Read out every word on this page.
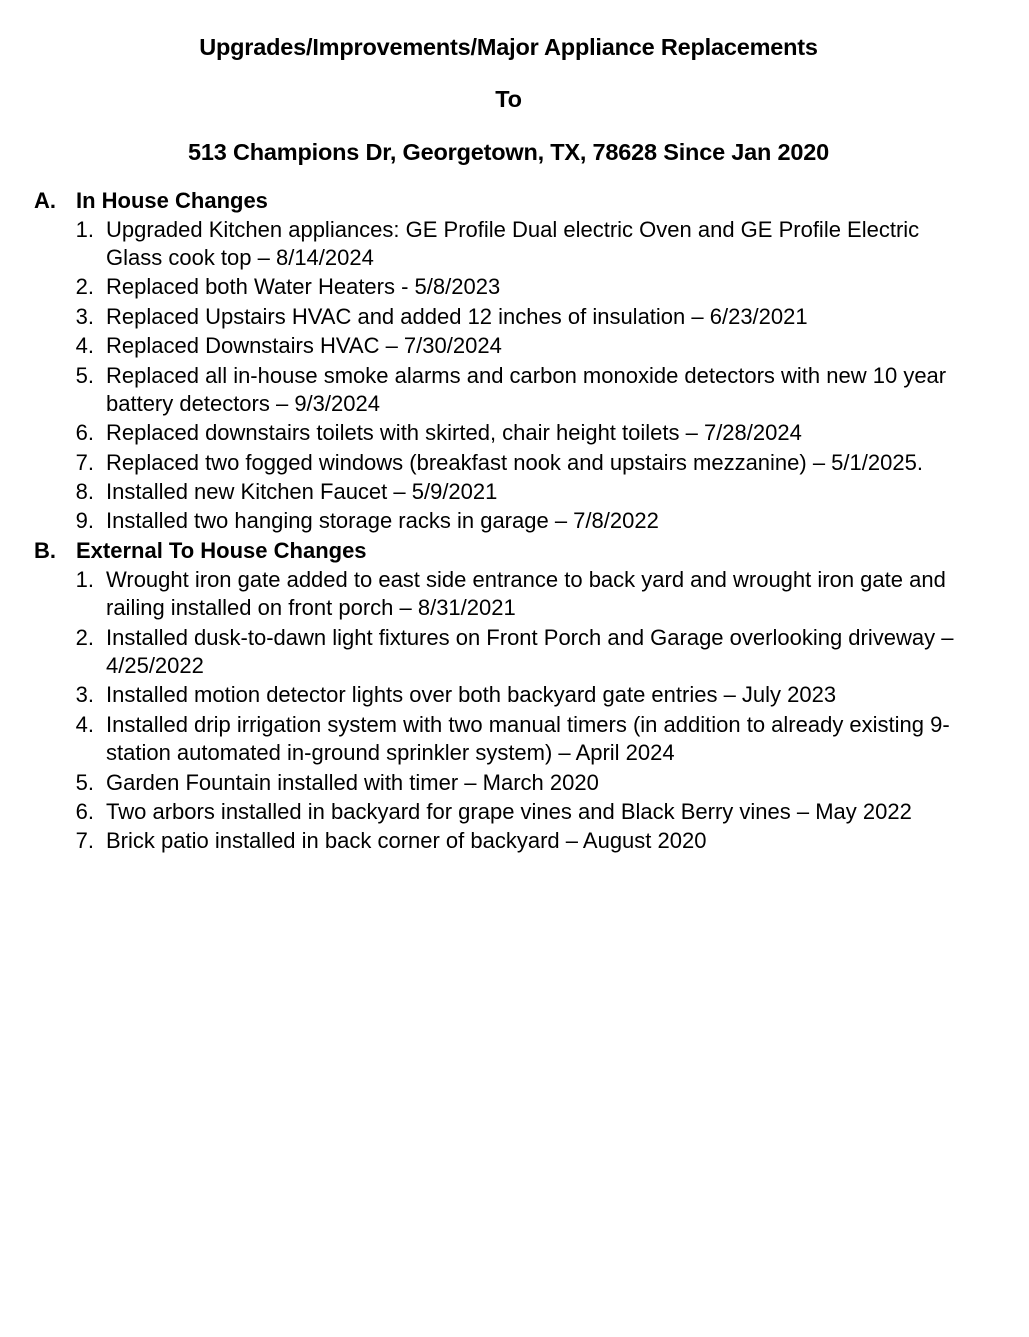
Upgrades/Improvements/Major Appliance Replacements
To
513 Champions Dr, Georgetown, TX, 78628 Since Jan 2020
A. In House Changes
1. Upgraded Kitchen appliances: GE Profile Dual electric Oven and GE Profile Electric Glass cook top – 8/14/2024
2. Replaced both Water Heaters - 5/8/2023
3. Replaced Upstairs HVAC and added 12 inches of insulation – 6/23/2021
4. Replaced Downstairs HVAC – 7/30/2024
5. Replaced all in-house smoke alarms and carbon monoxide detectors with new 10 year battery detectors – 9/3/2024
6. Replaced downstairs toilets with skirted, chair height toilets – 7/28/2024
7. Replaced two fogged windows (breakfast nook and upstairs mezzanine) – 5/1/2025.
8. Installed new Kitchen Faucet – 5/9/2021
9. Installed two hanging storage racks in garage – 7/8/2022
B. External To House Changes
1. Wrought iron gate added to east side entrance to back yard and wrought iron gate and railing installed on front porch – 8/31/2021
2. Installed dusk-to-dawn light fixtures on Front Porch and Garage overlooking driveway – 4/25/2022
3. Installed motion detector lights over both backyard gate entries – July 2023
4. Installed drip irrigation system with two manual timers (in addition to already existing 9-station automated in-ground sprinkler system) – April 2024
5. Garden Fountain installed with timer – March 2020
6. Two arbors installed in backyard for grape vines and Black Berry vines – May 2022
7. Brick patio installed in back corner of backyard – August 2020
